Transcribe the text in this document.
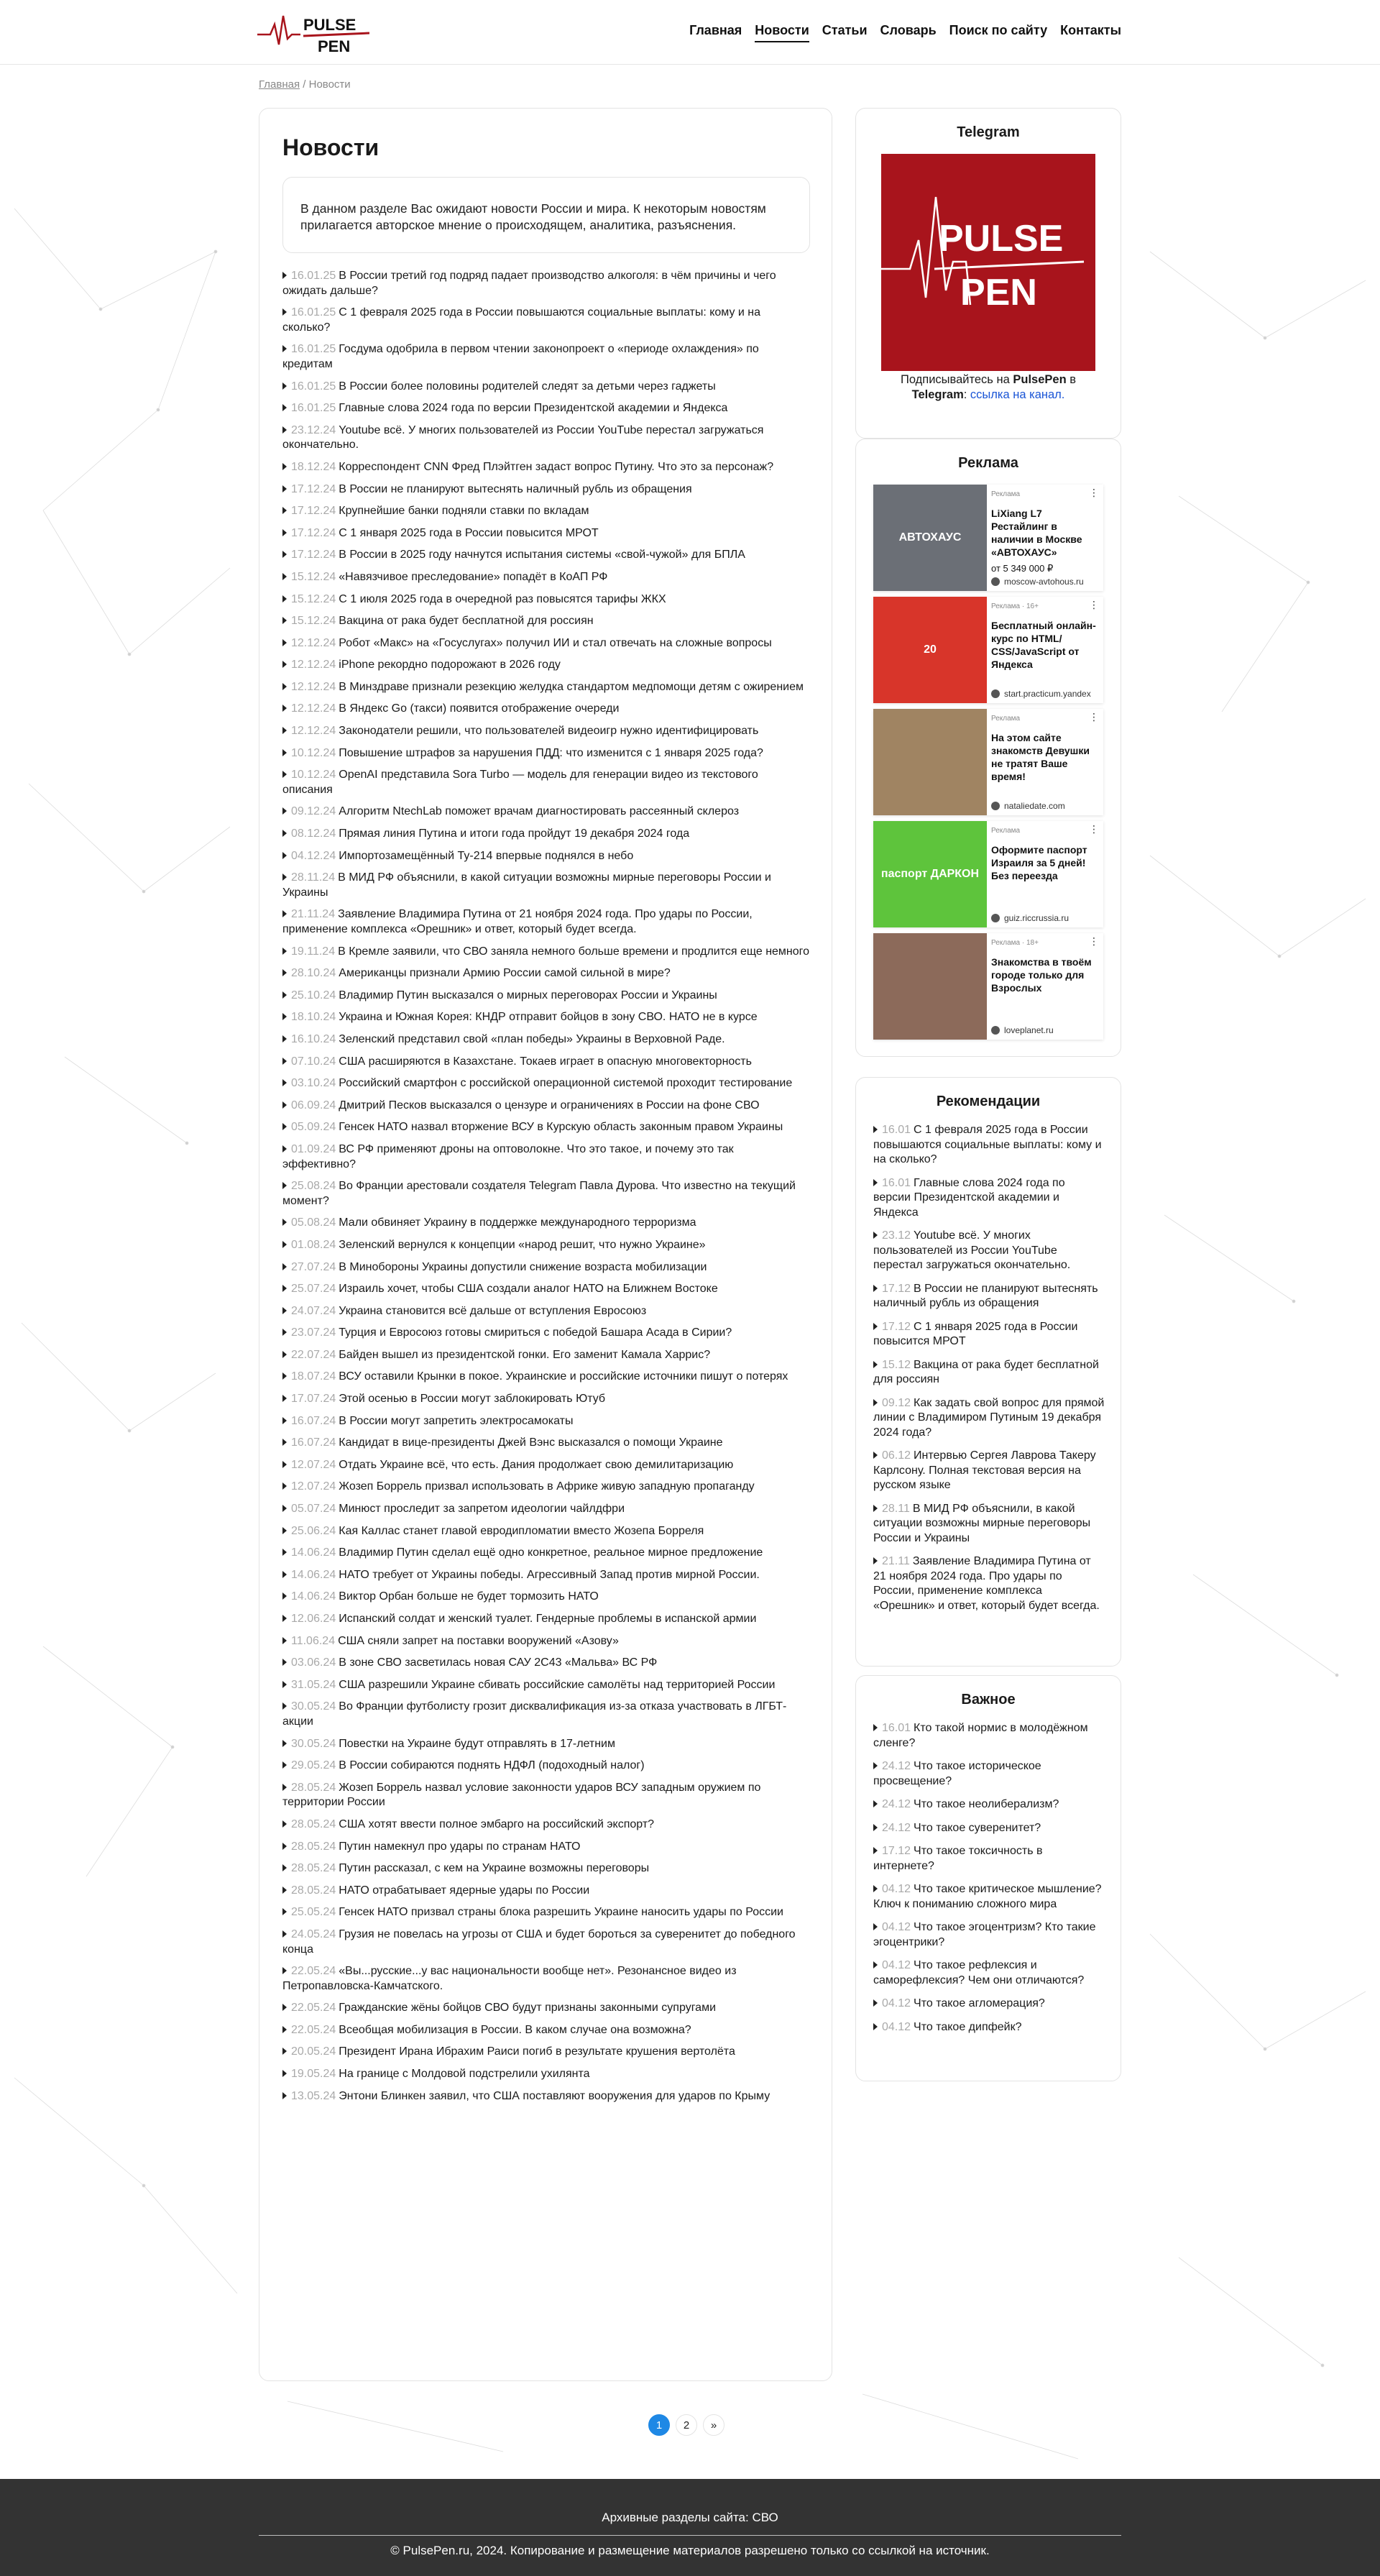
PULSE
PEN
Главная Новости Статьи Словарь Поиск по сайту Контакты
Главная / Новости
Новости
В данном разделе Вас ожидают новости России и мира. К некоторым новостям прилагается авторское мнение о происходящем, аналитика, разъяснения.
16.01.25 В России третий год подряд падает производство алкоголя: в чём причины и чего ожидать дальше?
16.01.25 С 1 февраля 2025 года в России повышаются социальные выплаты: кому и на сколько?
16.01.25 Госдума одобрила в первом чтении законопроект о «периоде охлаждения» по кредитам
16.01.25 В России более половины родителей следят за детьми через гаджеты
16.01.25 Главные слова 2024 года по версии Президентской академии и Яндекса
23.12.24 Youtube всё. У многих пользователей из России YouTube перестал загружаться окончательно.
18.12.24 Корреспондент CNN Фред Плэйтген задаст вопрос Путину. Что это за персонаж?
17.12.24 В России не планируют вытеснять наличный рубль из обращения
17.12.24 Крупнейшие банки подняли ставки по вкладам
17.12.24 С 1 января 2025 года в России повысится МРОТ
17.12.24 В России в 2025 году начнутся испытания системы «свой-чужой» для БПЛА
15.12.24 «Навязчивое преследование» попадёт в КоАП РФ
15.12.24 С 1 июля 2025 года в очередной раз повысятся тарифы ЖКХ
15.12.24 Вакцина от рака будет бесплатной для россиян
12.12.24 Робот «Макс» на «Госуслугах» получил ИИ и стал отвечать на сложные вопросы
12.12.24 iPhone рекордно подорожают в 2026 году
12.12.24 В Минздраве признали резекцию желудка стандартом медпомощи детям с ожирением
12.12.24 В Яндекс Go (такси) появится отображение очереди
12.12.24 Законодатели решили, что пользователей видеоигр нужно идентифицировать
10.12.24 Повышение штрафов за нарушения ПДД: что изменится с 1 января 2025 года?
10.12.24 OpenAI представила Sora Turbo — модель для генерации видео из текстового описания
09.12.24 Алгоритм NtechLab поможет врачам диагностировать рассеянный склероз
08.12.24 Прямая линия Путина и итоги года пройдут 19 декабря 2024 года
04.12.24 Импортозамещённый Ту-214 впервые поднялся в небо
28.11.24 В МИД РФ объяснили, в какой ситуации возможны мирные переговоры России и Украины
21.11.24 Заявление Владимира Путина от 21 ноября 2024 года. Про удары по России, применение комплекса «Орешник» и ответ, который будет всегда.
19.11.24 В Кремле заявили, что СВО заняла немного больше времени и продлится еще немного
28.10.24 Американцы признали Армию России самой сильной в мире?
25.10.24 Владимир Путин высказался о мирных переговорах России и Украины
18.10.24 Украина и Южная Корея: КНДР отправит бойцов в зону СВО. НАТО не в курсе
16.10.24 Зеленский представил свой «план победы» Украины в Верховной Раде.
07.10.24 США расширяются в Казахстане. Токаев играет в опасную многовекторность
03.10.24 Российский смартфон с российской операционной системой проходит тестирование
06.09.24 Дмитрий Песков высказался о цензуре и ограничениях в России на фоне СВО
05.09.24 Генсек НАТО назвал вторжение ВСУ в Курскую область законным правом Украины
01.09.24 ВС РФ применяют дроны на оптоволокне. Что это такое, и почему это так эффективно?
25.08.24 Во Франции арестовали создателя Telegram Павла Дурова. Что известно на текущий момент?
05.08.24 Мали обвиняет Украину в поддержке международного терроризма
01.08.24 Зеленский вернулся к концепции «народ решит, что нужно Украине»
27.07.24 В Минобороны Украины допустили снижение возраста мобилизации
25.07.24 Израиль хочет, чтобы США создали аналог НАТО на Ближнем Востоке
24.07.24 Украина становится всё дальше от вступления Евросоюз
23.07.24 Турция и Евросоюз готовы смириться с победой Башара Асада в Сирии?
22.07.24 Байден вышел из президентской гонки. Его заменит Камала Харрис?
18.07.24 ВСУ оставили Крынки в покое. Украинские и российские источники пишут о потерях
17.07.24 Этой осенью в России могут заблокировать Ютуб
16.07.24 В России могут запретить электросамокаты
16.07.24 Кандидат в вице-президенты Джей Вэнс высказался о помощи Украине
12.07.24 Отдать Украине всё, что есть. Дания продолжает свою демилитаризацию
12.07.24 Жозеп Боррель призвал использовать в Африке живую западную пропаганду
05.07.24 Минюст проследит за запретом идеологии чайлдфри
25.06.24 Кая Каллас станет главой евродипломатии вместо Жозепа Борреля
14.06.24 Владимир Путин сделал ещё одно конкретное, реальное мирное предложение
14.06.24 НАТО требует от Украины победы. Агрессивный Запад против мирной России.
14.06.24 Виктор Орбан больше не будет тормозить НАТО
12.06.24 Испанский солдат и женский туалет. Гендерные проблемы в испанской армии
11.06.24 США сняли запрет на поставки вооружений «Азову»
03.06.24 В зоне СВО засветилась новая САУ 2С43 «Мальва» ВС РФ
31.05.24 США разрешили Украине сбивать российские самолёты над территорией России
30.05.24 Во Франции футболисту грозит дисквалификация из-за отказа участвовать в ЛГБТ-акции
30.05.24 Повестки на Украине будут отправлять в 17-летним
29.05.24 В России собираются поднять НДФЛ (подоходный налог)
28.05.24 Жозеп Боррель назвал условие законности ударов ВСУ западным оружием по территории России
28.05.24 США хотят ввести полное эмбарго на российский экспорт?
28.05.24 Путин намекнул про удары по странам НАТО
28.05.24 Путин рассказал, с кем на Украине возможны переговоры
28.05.24 НАТО отрабатывает ядерные удары по России
25.05.24 Генсек НАТО призвал страны блока разрешить Украине наносить удары по России
24.05.24 Грузия не повелась на угрозы от США и будет бороться за суверенитет до победного конца
22.05.24 «Вы...русские...у вас национальности вообще нет». Резонансное видео из Петропавловска-Камчатского.
22.05.24 Гражданские жёны бойцов СВО будут признаны законными супругами
22.05.24 Всеобщая мобилизация в России. В каком случае она возможна?
20.05.24 Президент Ирана Ибрахим Раиси погиб в результате крушения вертолёта
19.05.24 На границе с Молдовой подстрелили ухилянта
13.05.24 Энтони Блинкен заявил, что США поставляют вооружения для ударов по Крыму
Telegram
PULSE
PEN
Подписывайтесь на PulsePen в Telegram: ссылка на канал.
Реклама
АВТОХАУС
Реклама	⋮
LiXiang L7 Рестайлинг в наличии в Москве «АВТОХАУС»
от 5 349 000 ₽
moscow-avtohous.ru
20
Реклама · 16+	⋮
Бесплатный онлайн-курс по HTML/ CSS/JavaScript от Яндекса
start.practicum.yandex
Реклама	⋮
На этом сайте знакомств Девушки не тратят Ваше время!
nataliedate.com
паспорт ДАРКОН
Реклама	⋮
Оформите паспорт Израиля за 5 дней! Без переезда
guiz.riccrussia.ru
Реклама · 18+	⋮
Знакомства в твоём городе только для Взрослых
loveplanet.ru
Рекомендации
16.01 С 1 февраля 2025 года в России повышаются социальные выплаты: кому и на сколько?
16.01 Главные слова 2024 года по версии Президентской академии и Яндекса
23.12 Youtube всё. У многих пользователей из России YouTube перестал загружаться окончательно.
17.12 В России не планируют вытеснять наличный рубль из обращения
17.12 С 1 января 2025 года в России повысится МРОТ
15.12 Вакцина от рака будет бесплатной для россиян
09.12 Как задать свой вопрос для прямой линии с Владимиром Путиным 19 декабря 2024 года?
06.12 Интервью Сергея Лаврова Такеру Карлсону. Полная текстовая версия на русском языке
28.11 В МИД РФ объяснили, в какой ситуации возможны мирные переговоры России и Украины
21.11 Заявление Владимира Путина от 21 ноября 2024 года. Про удары по России, применение комплекса «Орешник» и ответ, который будет всегда.
Важное
16.01 Кто такой нормис в молодёжном сленге?
24.12 Что такое историческое просвещение?
24.12 Что такое неолиберализм?
24.12 Что такое суверенитет?
17.12 Что такое токсичность в интернете?
04.12 Что такое критическое мышление? Ключ к пониманию сложного мира
04.12 Что такое эгоцентризм? Кто такие эгоцентрики?
04.12 Что такое рефлексия и саморефлексия? Чем они отличаются?
04.12 Что такое агломерация?
04.12 Что такое дипфейк?
1	2	»
Архивные разделы сайта: СВО
© PulsePen.ru, 2024. Копирование и размещение материалов разрешено только со ссылкой на источник.
